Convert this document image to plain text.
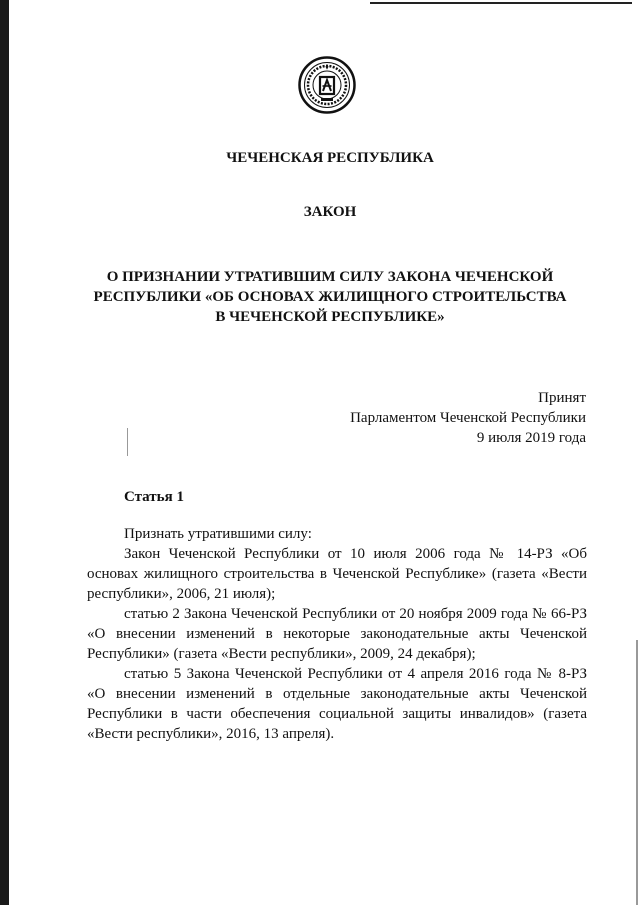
ЧЕЧЕНСКАЯ РЕСПУБЛИКА
ЗАКОН
О ПРИЗНАНИИ УТРАТИВШИМ СИЛУ ЗАКОНА ЧЕЧЕНСКОЙ
РЕСПУБЛИКИ «ОБ ОСНОВАХ ЖИЛИЩНОГО СТРОИТЕЛЬСТВА
В ЧЕЧЕНСКОЙ РЕСПУБЛИКЕ»
Принят
Парламентом Чеченской Республики
9 июля 2019 года
Статья 1

Признать утратившими силу:

Закон Чеченской Республики от 10 июля 2006 года № 14-РЗ «Об основах жилищного строительства в Чеченской Республике» (газета «Вести республики», 2006, 21 июля);

статью 2 Закона Чеченской Республики от 20 ноября 2009 года № 66-РЗ «О внесении изменений в некоторые законодательные акты Чеченской Республики» (газета «Вести республики», 2009, 24 декабря);

статью 5 Закона Чеченской Республики от 4 апреля 2016 года № 8-РЗ «О внесении изменений в отдельные законодательные акты Чеченской Республики в части обеспечения социальной защиты инвалидов» (газета «Вести республики», 2016, 13 апреля).
